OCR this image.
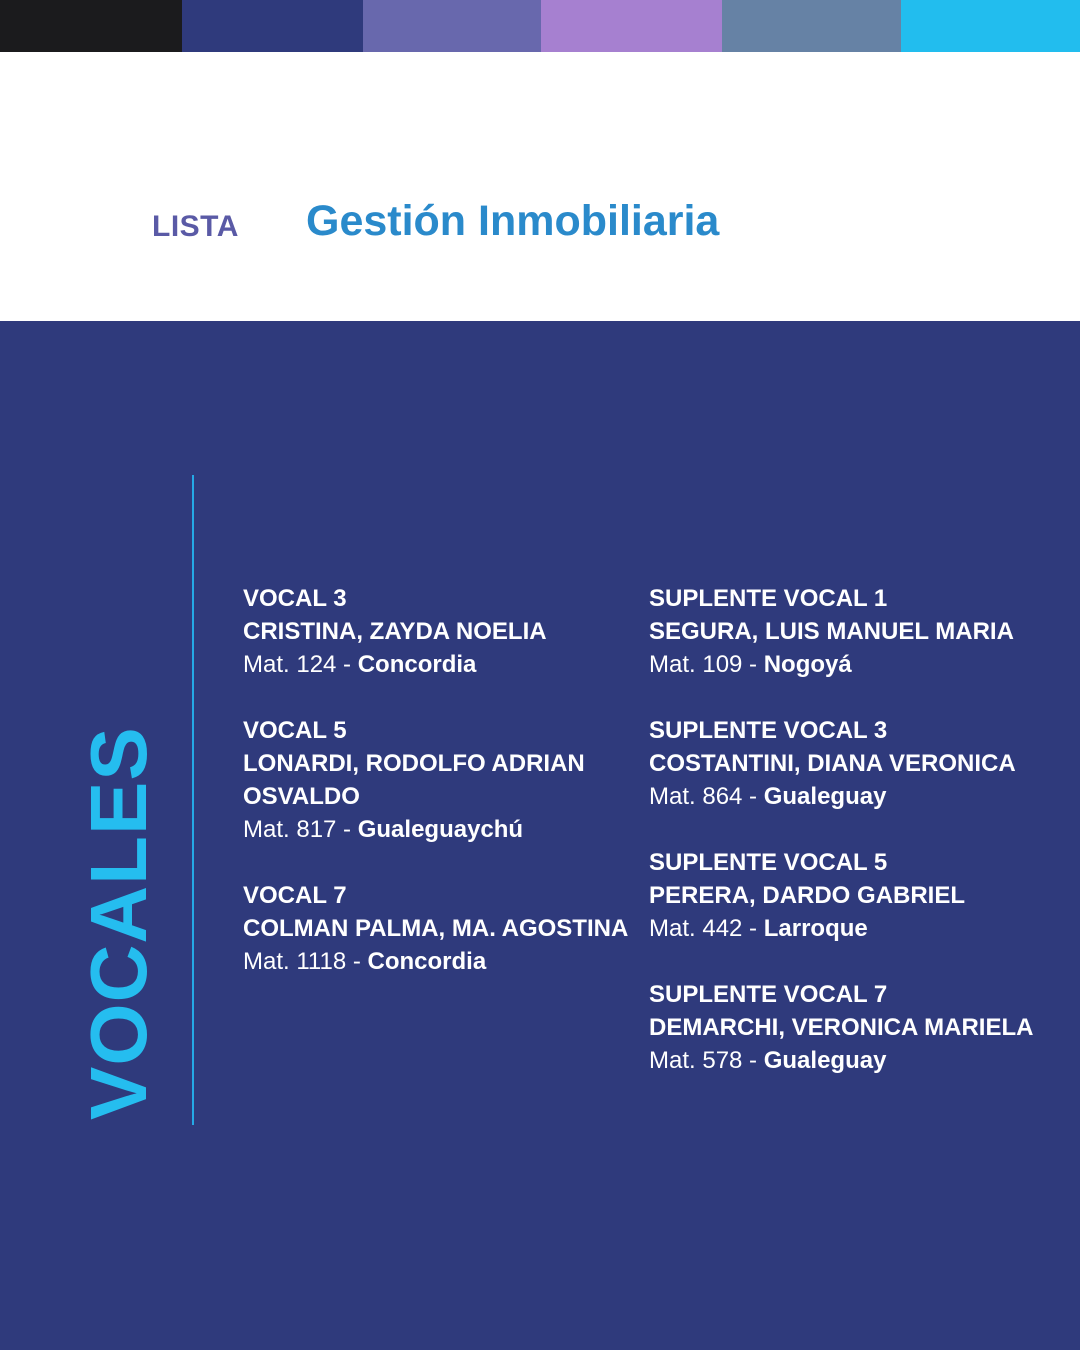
LISTA Gestión Inmobiliaria
VOCALES
VOCAL 3
CRISTINA, ZAYDA NOELIA
Mat. 124 - Concordia
VOCAL 5
LONARDI, RODOLFO ADRIAN OSVALDO
Mat. 817 - Gualeguaychú
VOCAL 7
COLMAN PALMA, MA. AGOSTINA
Mat. 1118 - Concordia
SUPLENTE VOCAL 1
SEGURA, LUIS MANUEL MARIA
Mat. 109 - Nogoyá
SUPLENTE VOCAL 3
COSTANTINI, DIANA VERONICA
Mat. 864 - Gualeguay
SUPLENTE VOCAL 5
PERERA, DARDO GABRIEL
Mat. 442 - Larroque
SUPLENTE VOCAL 7
DEMARCHI, VERONICA MARIELA
Mat. 578 - Gualeguay
